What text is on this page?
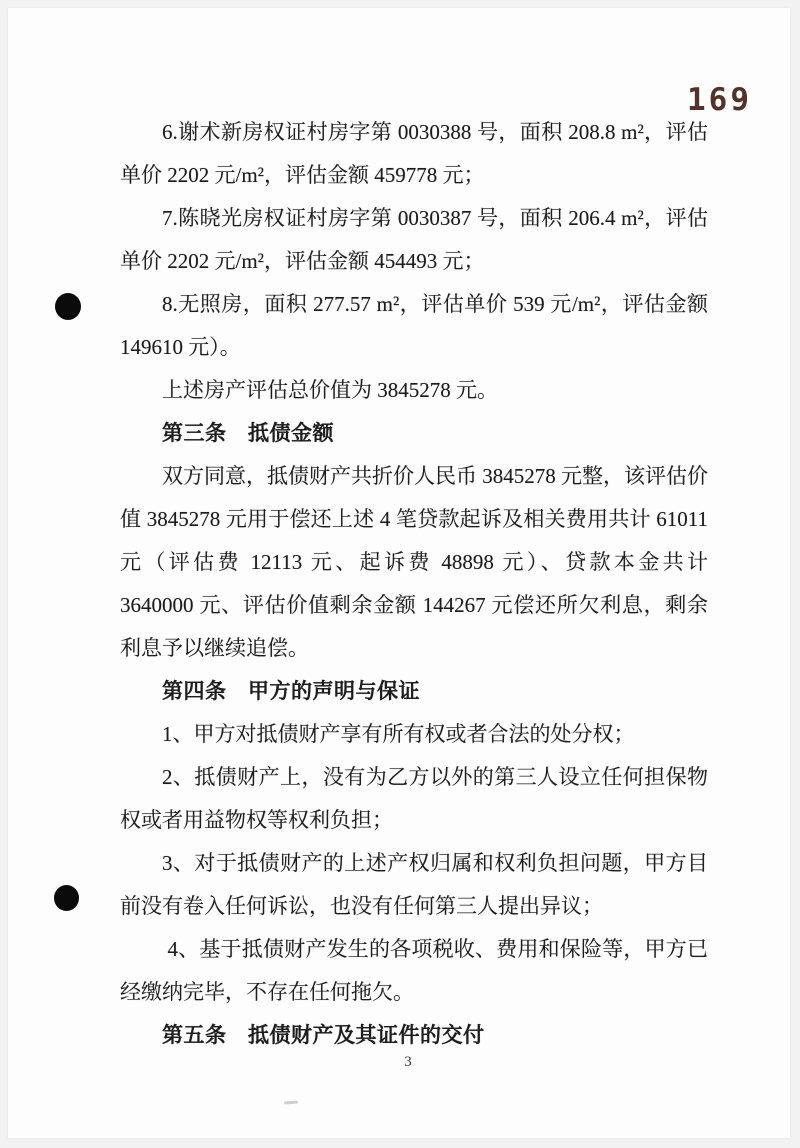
169

6.谢术新房权证村房字第 0030388 号，面积 208.8 m²，评估单价 2202 元/m²，评估金额 459778 元；

7.陈晓光房权证村房字第 0030387 号，面积 206.4 m²，评估单价 2202 元/m²，评估金额 454493 元；

8.无照房，面积 277.57 m²，评估单价 539 元/m²，评估金额 149610 元）。

上述房产评估总价值为 3845278 元。

第三条　抵债金额

双方同意，抵债财产共折价人民币 3845278 元整，该评估价值 3845278 元用于偿还上述 4 笔贷款起诉及相关费用共计 61011 元（评估费 12113 元、起诉费 48898 元）、贷款本金共计 3640000 元、评估价值剩余金额 144267 元偿还所欠利息，剩余利息予以继续追偿。

第四条　甲方的声明与保证

1、甲方对抵债财产享有所有权或者合法的处分权；

2、抵债财产上，没有为乙方以外的第三人设立任何担保物权或者用益物权等权利负担；

3、对于抵债财产的上述产权归属和权利负担问题，甲方目前没有卷入任何诉讼，也没有任何第三人提出异议；

4、基于抵债财产发生的各项税收、费用和保险等，甲方已经缴纳完毕，不存在任何拖欠。

第五条　抵债财产及其证件的交付

3
